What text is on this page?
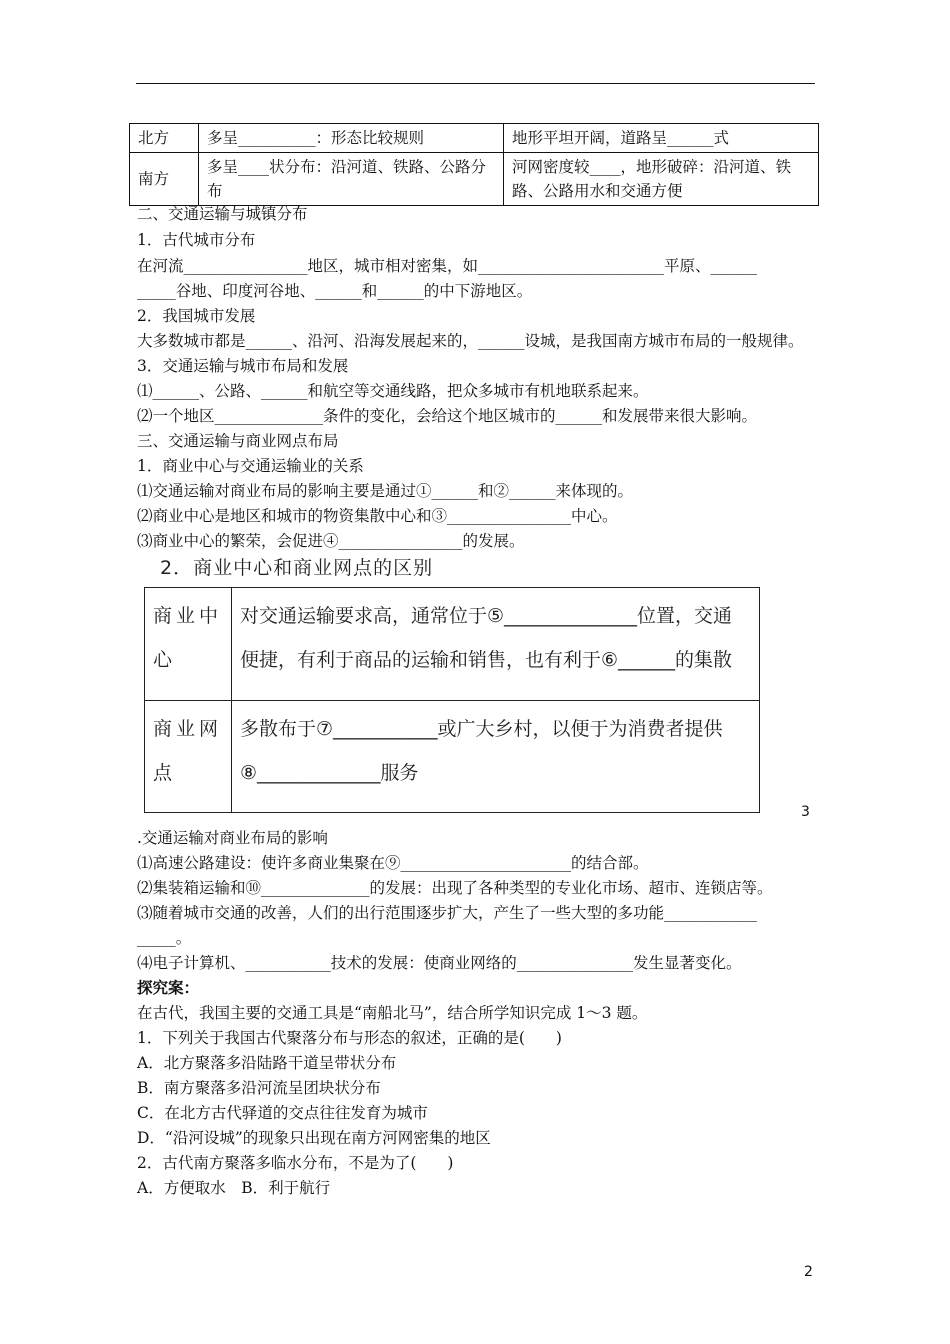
北方	多呈__________：形态比较规则	地形平坦开阔，道路呈______式
南方	多呈____状分布：沿河道、铁路、公路分布	河网密度较____，地形破碎：沿河道、铁路、公路用水和交通方便
二、交通运输与城镇分布
1．古代城市分布
在河流________________地区，城市相对密集，如________________________平原、______
_____谷地、印度河谷地、______和______的中下游地区。
2．我国城市发展
大多数城市都是______、沿河、沿海发展起来的，______设城，是我国南方城市布局的一般规律。
3．交通运输与城市布局和发展
⑴______、公路、______和航空等交通线路，把众多城市有机地联系起来。
⑵一个地区______________条件的变化，会给这个地区城市的______和发展带来很大影响。
三、交通运输与商业网点布局
1．商业中心与交通运输业的关系
⑴交通运输对商业布局的影响主要是通过①______和②______来体现的。
⑵商业中心是地区和城市的物资集散中心和③________________中心。
⑶商业中心的繁荣，会促进④________________的发展。
2．商业中心和商业网点的区别
商业中心	对交通运输要求高，通常位于⑤______________位置，交通便捷，有利于商品的运输和销售，也有利于⑥______的集散
商业网点	多散布于⑦___________或广大乡村，以便于为消费者提供⑧_____________服务
3
.交通运输对商业布局的影响
⑴高速公路建设：使许多商业集聚在⑨______________________的结合部。
⑵集装箱运输和⑩______________的发展：出现了各种类型的专业化市场、超市、连锁店等。
⑶随着城市交通的改善，人们的出行范围逐步扩大，产生了一些大型的多功能____________
_____。
⑷电子计算机、___________技术的发展：使商业网络的_______________发生显著变化。
探究案：
在古代，我国主要的交通工具是“南船北马”，结合所学知识完成 1～3 题。
1．下列关于我国古代聚落分布与形态的叙述，正确的是(　　)
A．北方聚落多沿陆路干道呈带状分布
B．南方聚落多沿河流呈团块状分布
C．在北方古代驿道的交点往往发育为城市
D．“沿河设城”的现象只出现在南方河网密集的地区
2．古代南方聚落多临水分布，不是为了(　　)
A．方便取水　B．利于航行
2
